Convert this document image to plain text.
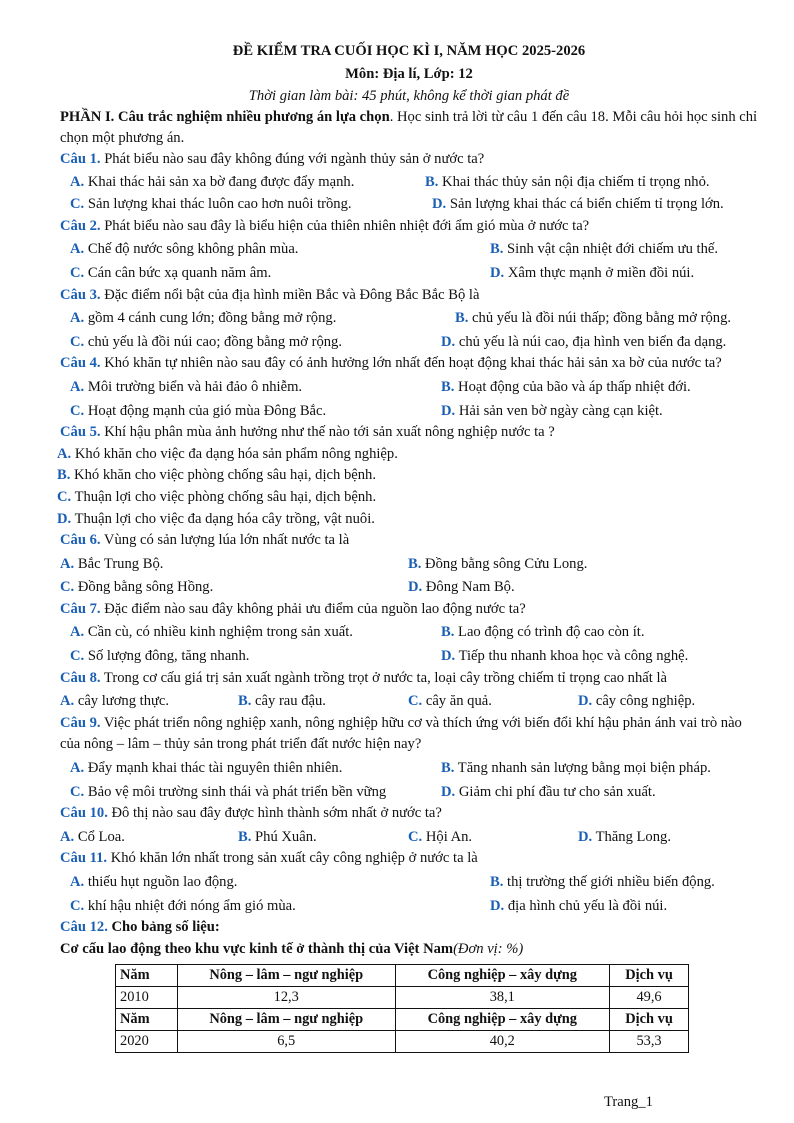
ĐỀ KIỂM TRA CUỐI HỌC KÌ I, NĂM HỌC 2025-2026
Môn: Địa lí, Lớp: 12
Thời gian làm bài: 45 phút, không kể thời gian phát đề
PHẦN I. Câu trắc nghiệm nhiều phương án lựa chọn. Học sinh trả lời từ câu 1 đến câu 18. Mỗi câu hỏi học sinh chỉ chọn một phương án.
Câu 1. Phát biểu nào sau đây không đúng với ngành thủy sản ở nước ta?
A. Khai thác hải sản xa bờ đang được đẩy mạnh.	B. Khai thác thủy sản nội địa chiếm tỉ trọng nhỏ.
C. Sản lượng khai thác luôn cao hơn nuôi trồng.	D. Sản lượng khai thác cá biển chiếm tỉ trọng lớn.
Câu 2. Phát biểu nào sau đây là biểu hiện của thiên nhiên nhiệt đới ẩm gió mùa ở nước ta?
A. Chế độ nước sông không phân mùa.	B. Sinh vật cận nhiệt đới chiếm ưu thế.
C. Cán cân bức xạ quanh năm âm.	D. Xâm thực mạnh ở miền đồi núi.
Câu 3. Đặc điểm nổi bật của địa hình miền Bắc và Đông Bắc Bắc Bộ là
A. gồm 4 cánh cung lớn; đồng bằng mở rộng.	B. chủ yếu là đồi núi thấp; đồng bằng mở rộng.
C. chủ yếu là đồi núi cao; đồng bằng mở rộng.	D. chủ yếu là núi cao, địa hình ven biển đa dạng.
Câu 4. Khó khăn tự nhiên nào sau đây có ảnh hưởng lớn nhất đến hoạt động khai thác hải sản xa bờ của nước ta?
A. Môi trường biển và hải đảo ô nhiễm.	B. Hoạt động của bão và áp thấp nhiệt đới.
C. Hoạt động mạnh của gió mùa Đông Bắc.	D. Hải sản ven bờ ngày càng cạn kiệt.
Câu 5. Khí hậu phân mùa ảnh hưởng như thế nào tới sản xuất nông nghiệp nước ta ?
A. Khó khăn cho việc đa dạng hóa sản phẩm nông nghiệp.
B. Khó khăn cho việc phòng chống sâu hại, dịch bệnh.
C. Thuận lợi cho việc phòng chống sâu hại, dịch bệnh.
D. Thuận lợi cho việc đa dạng hóa cây trồng, vật nuôi.
Câu 6. Vùng có sản lượng lúa lớn nhất nước ta là
A. Bắc Trung Bộ.	B. Đồng bằng sông Cửu Long.
C. Đồng bằng sông Hồng.	D. Đông Nam Bộ.
Câu 7. Đặc điểm nào sau đây không phải ưu điểm của nguồn lao động nước ta?
A. Cần cù, có nhiều kinh nghiệm trong sản xuất.	B. Lao động có trình độ cao còn ít.
C. Số lượng đông, tăng nhanh.	D. Tiếp thu nhanh khoa học và công nghệ.
Câu 8. Trong cơ cấu giá trị sản xuất ngành trồng trọt ở nước ta, loại cây trồng chiếm tỉ trọng cao nhất là
A. cây lương thực.	B. cây rau đậu.	C. cây ăn quả.	D. cây công nghiệp.
Câu 9. Việc phát triển nông nghiệp xanh, nông nghiệp hữu cơ và thích ứng với biến đổi khí hậu phản ánh vai trò nào của nông – lâm – thủy sản trong phát triển đất nước hiện nay?
A. Đẩy mạnh khai thác tài nguyên thiên nhiên.	B. Tăng nhanh sản lượng bằng mọi biện pháp.
C. Bảo vệ môi trường sinh thái và phát triển bền vững	D. Giảm chi phí đầu tư cho sản xuất.
Câu 10. Đô thị nào sau đây được hình thành sớm nhất ở nước ta?
A. Cổ Loa.	B. Phú Xuân.	C. Hội An.	D. Thăng Long.
Câu 11. Khó khăn lớn nhất trong sản xuất cây công nghiệp ở nước ta là
A. thiếu hụt nguồn lao động.	B. thị trường thế giới nhiều biến động.
C. khí hậu nhiệt đới nóng ẩm gió mùa.	D. địa hình chủ yếu là đồi núi.
Câu 12. Cho bảng số liệu:
Cơ cấu lao động theo khu vực kinh tế ở thành thị của Việt Nam(Đơn vị: %)
Năm	Nông – lâm – ngư nghiệp	Công nghiệp – xây dựng	Dịch vụ
2010	12,3	38,1	49,6
Năm	Nông – lâm – ngư nghiệp	Công nghiệp – xây dựng	Dịch vụ
2020	6,5	40,2	53,3
Trang_1
